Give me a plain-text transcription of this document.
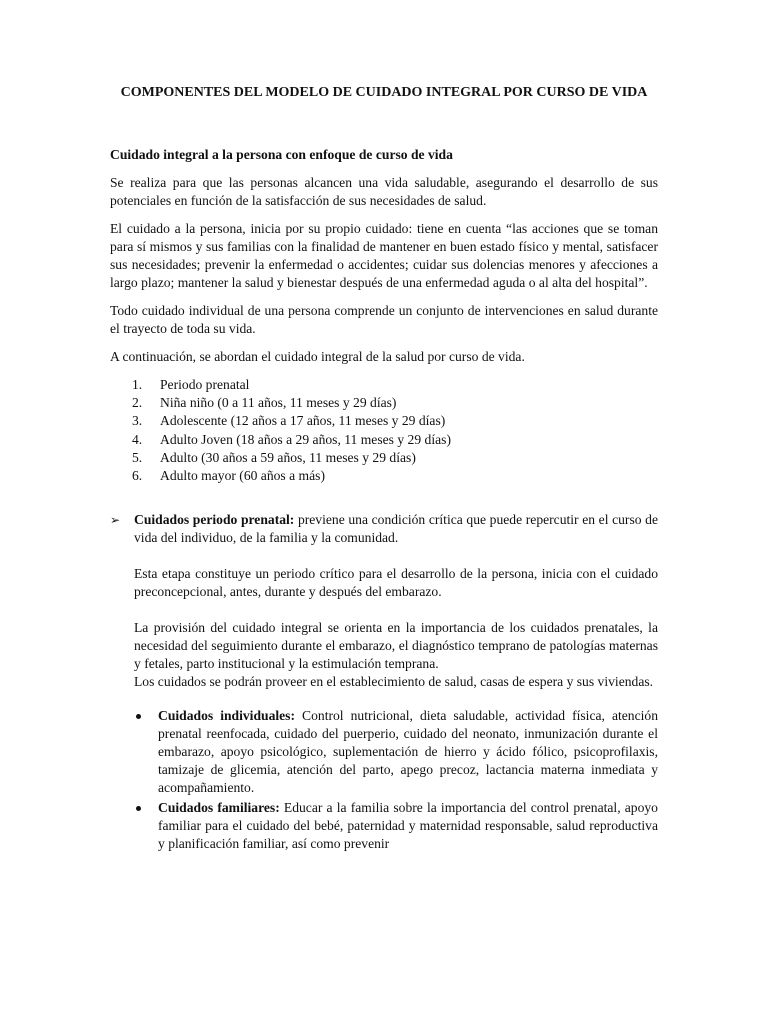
COMPONENTES DEL MODELO DE CUIDADO INTEGRAL POR CURSO DE VIDA
Cuidado integral a la persona con enfoque de curso de vida

Se realiza para que las personas alcancen una vida saludable, asegurando el desarrollo de sus potenciales en función de la satisfacción de sus necesidades de salud.

El cuidado a la persona, inicia por su propio cuidado: tiene en cuenta “las acciones que se toman para sí mismos y sus familias con la finalidad de mantener en buen estado físico y mental, satisfacer sus necesidades; prevenir la enfermedad o accidentes; cuidar sus dolencias menores y afecciones a largo plazo; mantener la salud y bienestar después de una enfermedad aguda o al alta del hospital”.

Todo cuidado individual de una persona comprende un conjunto de intervenciones en salud durante el trayecto de toda su vida.

A continuación, se abordan el cuidado integral de la salud por curso de vida.

1.	Periodo prenatal
2.	Niña niño (0 a 11 años, 11 meses y 29 días)
3.	Adolescente (12 años a 17 años, 11 meses y 29 días)
4.	Adulto Joven (18 años a 29 años, 11 meses y 29 días)
5.	Adulto (30 años a 59 años, 11 meses y 29 días)
6.	Adulto mayor (60 años a más)
➢	Cuidados periodo prenatal: previene una condición crítica que puede repercutir en el curso de vida del individuo, de la familia y la comunidad.

Esta etapa constituye un periodo crítico para el desarrollo de la persona, inicia con el cuidado preconcepcional, antes, durante y después del embarazo.

La provisión del cuidado integral se orienta en la importancia de los cuidados prenatales, la necesidad del seguimiento durante el embarazo, el diagnóstico temprano de patologías maternas y fetales, parto institucional y la estimulación temprana.

Los cuidados se podrán proveer en el establecimiento de salud, casas de espera y sus viviendas.

Cuidados individuales: Control nutricional, dieta saludable, actividad física, atención prenatal reenfocada, cuidado del puerperio, cuidado del neonato, inmunización durante el embarazo, apoyo psicológico, suplementación de hierro y ácido fólico, psicoprofilaxis, tamizaje de glicemia, atención del parto, apego precoz, lactancia materna inmediata y acompañamiento.
Cuidados familiares: Educar a la familia sobre la importancia del control prenatal, apoyo familiar para el cuidado del bebé, paternidad y maternidad responsable, salud reproductiva y planificación familiar, así como prevenir
